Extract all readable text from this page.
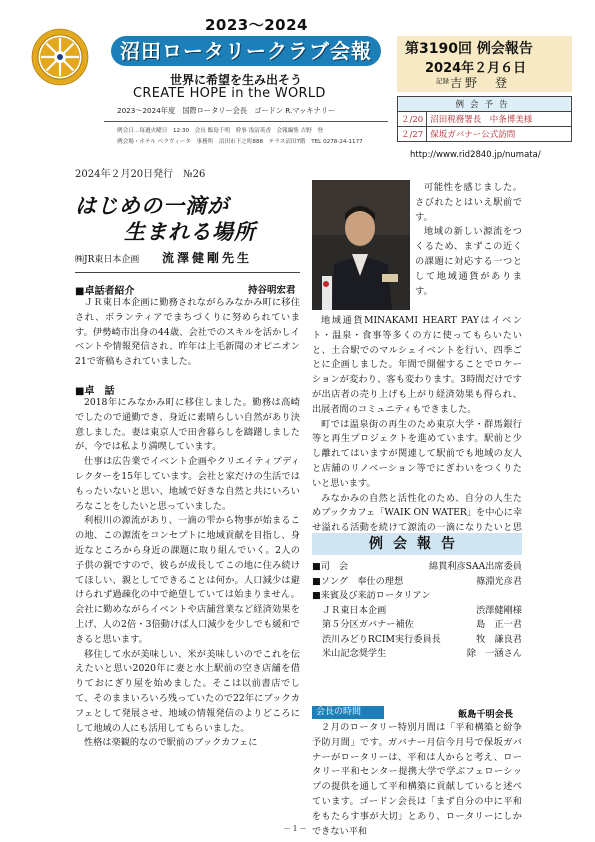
2023～2024
沼田ロータリークラブ会報
世界に希望を生み出そう
CREATE HOPE in the WORLD
2023～2024年度　国際ロータリー会長　ゴードン R.マッキナリー
例会日…毎週火曜日　12:30　会長 飯島千明　幹事 浅沼英香　会報編集 吉野　登
例会場・ホテル ベラヴィータ　事務所　沼田市下之町888　テラス沼田7階　TEL 0278-24-1177
第3190回 例会報告
2024年２月６日
記録 吉野　登
例会予告	
２/20	沼田税務署長　中条博美様
２/27	保坂ガバナー公式訪問
http://www.rid2840.jp/numata/
2024年２月20日発行　№26
はじめの一滴が
生まれる場所
㈱JR東日本企画 流澤健剛先生
■卓話者紹介	持谷明宏君
ＪＲ東日本企画に勤務されながらみなかみ町に移住され、ボランティアでまちづくりに努められています。伊勢崎市出身の44歳、会社でのスキルを活かしイベントや情報発信され、昨年は上毛新聞のオピニオン21で寄稿もされていました。
■卓　話
2018年にみなかみ町に移住しました。勤務は高崎でしたので通勤でき、身近に素晴らしい自然があり決意しました。妻は東京人で田舎暮らしを躊躇しましたが、今では私より満喫しています。
仕事は広告業でイベント企画やクリエイティブディレクターを15年しています。会社と家だけの生活ではもったいないと思い、地域で好きな自然と共にいろいろなことをしたいと思っていました。
利根川の源流があり、一滴の雫から物事が始まるこの地、この源流をコンセプトに地域貢献を目指し、身近なところから身近の課題に取り組んでいく。2人の子供の親ですので、彼らが成長してこの地に住み続けてほしい、親としてできることは何か。人口減少は避けられず過疎化の中で絶望していては始まりません。会社に勤めながらイベントや店舗営業など経済効果を上げ、人の2倍・3倍動けば人口減少を少しでも緩和できると思います。
移住して水が美味しい、米が美味しいのでこれを伝えたいと思い2020年に妻と水上駅前の空き店舗を借りておにぎり屋を始めました。そこは以前書店でして、そのままいろいろ残っていたので22年にブックカフェとして発展させ、地域の情報発信のよりどころにして地域の人にも活用してもらいました。
性格は楽観的なので駅前のブックカフェに
可能性を感じました。さびれたとはいえ駅前です。
地域の新しい源流をつくるため、まずこの近くの課題に対応する一つとして地域通貨があります。
地域通貨MINAKAMI HEART PAYはイベント・温泉・食事等多くの方に使ってもらいたいと、土合駅でのマルシェイベントを行い、四季ごとに企画しました。年間で開催することでロケーションが変わり、客も変わります。3時間だけですが出店者の売り上げも上がり経済効果も得られ、出展者間のコミュニティもできました。
町では温泉街の再生のため東京大学・群馬銀行等と再生プロジェクトを進めています。駅前と少し離れてはいますが関連して駅前でも地域の友人と店舗のリノベーション等でにぎわいをつくりたいと思います。
みなかみの自然と活性化のため、自分の人生ためブックカフェ「WAIK ON WATER」を中心に幸せ溢れる活動を続けて源流の一滴になりたいと思
例会報告
■司　会	綿貫利彦SAA出席委員
■ソング　奉仕の理想	篠淵光彦君
■来賓及び来訪ロータリアン
ＪＲ東日本企画	渋澤健剛様
第５分区ガバナー補佐	島　正一君
渋川みどりRCIM実行委員長	牧　謙良君
米山記念奨学生	除　一涵さん
会長の時間	飯島千明会長
２月のロータリー特別月間は「平和構築と紛争予防月間」です。ガバナー月信今月号で保坂ガバナーがロータリーは、平和は人からと考え、ロータリー平和センター提携大学で学ぶフェローシップの提供を通して平和構築に貢献していると述べています。ゴードン会長は「まず自分の中に平和をもたらす事が大切」とあり、ロータリーにしかできない平和
－１－
